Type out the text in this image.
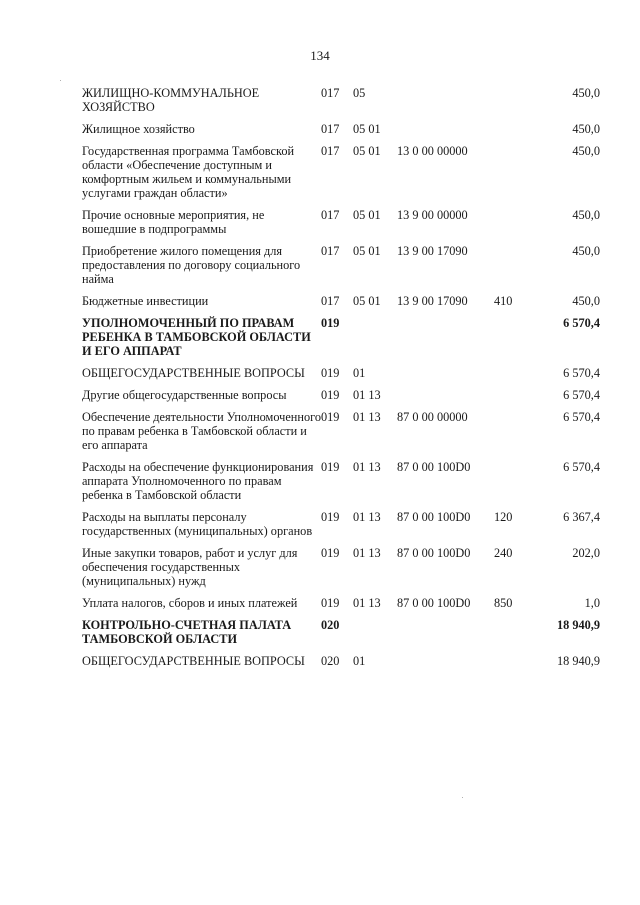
134
ЖИЛИЩНО-КОММУНАЛЬНОЕ ХОЗЯЙСТВО	017	05			450,0
Жилищное хозяйство	017	05 01			450,0
Государственная программа Тамбовской области «Обеспечение доступным и комфортным жильем и коммунальными услугами граждан области»	017	05 01	13 0 00 00000		450,0
Прочие основные мероприятия, не вошедшие в подпрограммы	017	05 01	13 9 00 00000		450,0
Приобретение жилого помещения для предоставления по договору социального найма	017	05 01	13 9 00 17090		450,0
Бюджетные инвестиции	017	05 01	13 9 00 17090	410	450,0
УПОЛНОМОЧЕННЫЙ ПО ПРАВАМ РЕБЕНКА В ТАМБОВСКОЙ ОБЛАСТИ И ЕГО АППАРАТ	019				6 570,4
ОБЩЕГОСУДАРСТВЕННЫЕ ВОПРОСЫ	019	01			6 570,4
Другие общегосударственные вопросы	019	01 13			6 570,4
Обеспечение деятельности Уполномоченного по правам ребенка в Тамбовской области и его аппарата	019	01 13	87 0 00 00000		6 570,4
Расходы на обеспечение функционирования аппарата Уполномоченного по правам ребенка в Тамбовской области	019	01 13	87 0 00 100D0		6 570,4
Расходы на выплаты персоналу государственных (муниципальных) органов	019	01 13	87 0 00 100D0	120	6 367,4
Иные закупки товаров, работ и услуг для обеспечения государственных (муниципальных) нужд	019	01 13	87 0 00 100D0	240	202,0
Уплата налогов, сборов и иных платежей	019	01 13	87 0 00 100D0	850	1,0
КОНТРОЛЬНО-СЧЕТНАЯ ПАЛАТА ТАМБОВСКОЙ ОБЛАСТИ	020				18 940,9
ОБЩЕГОСУДАРСТВЕННЫЕ ВОПРОСЫ	020	01			18 940,9
